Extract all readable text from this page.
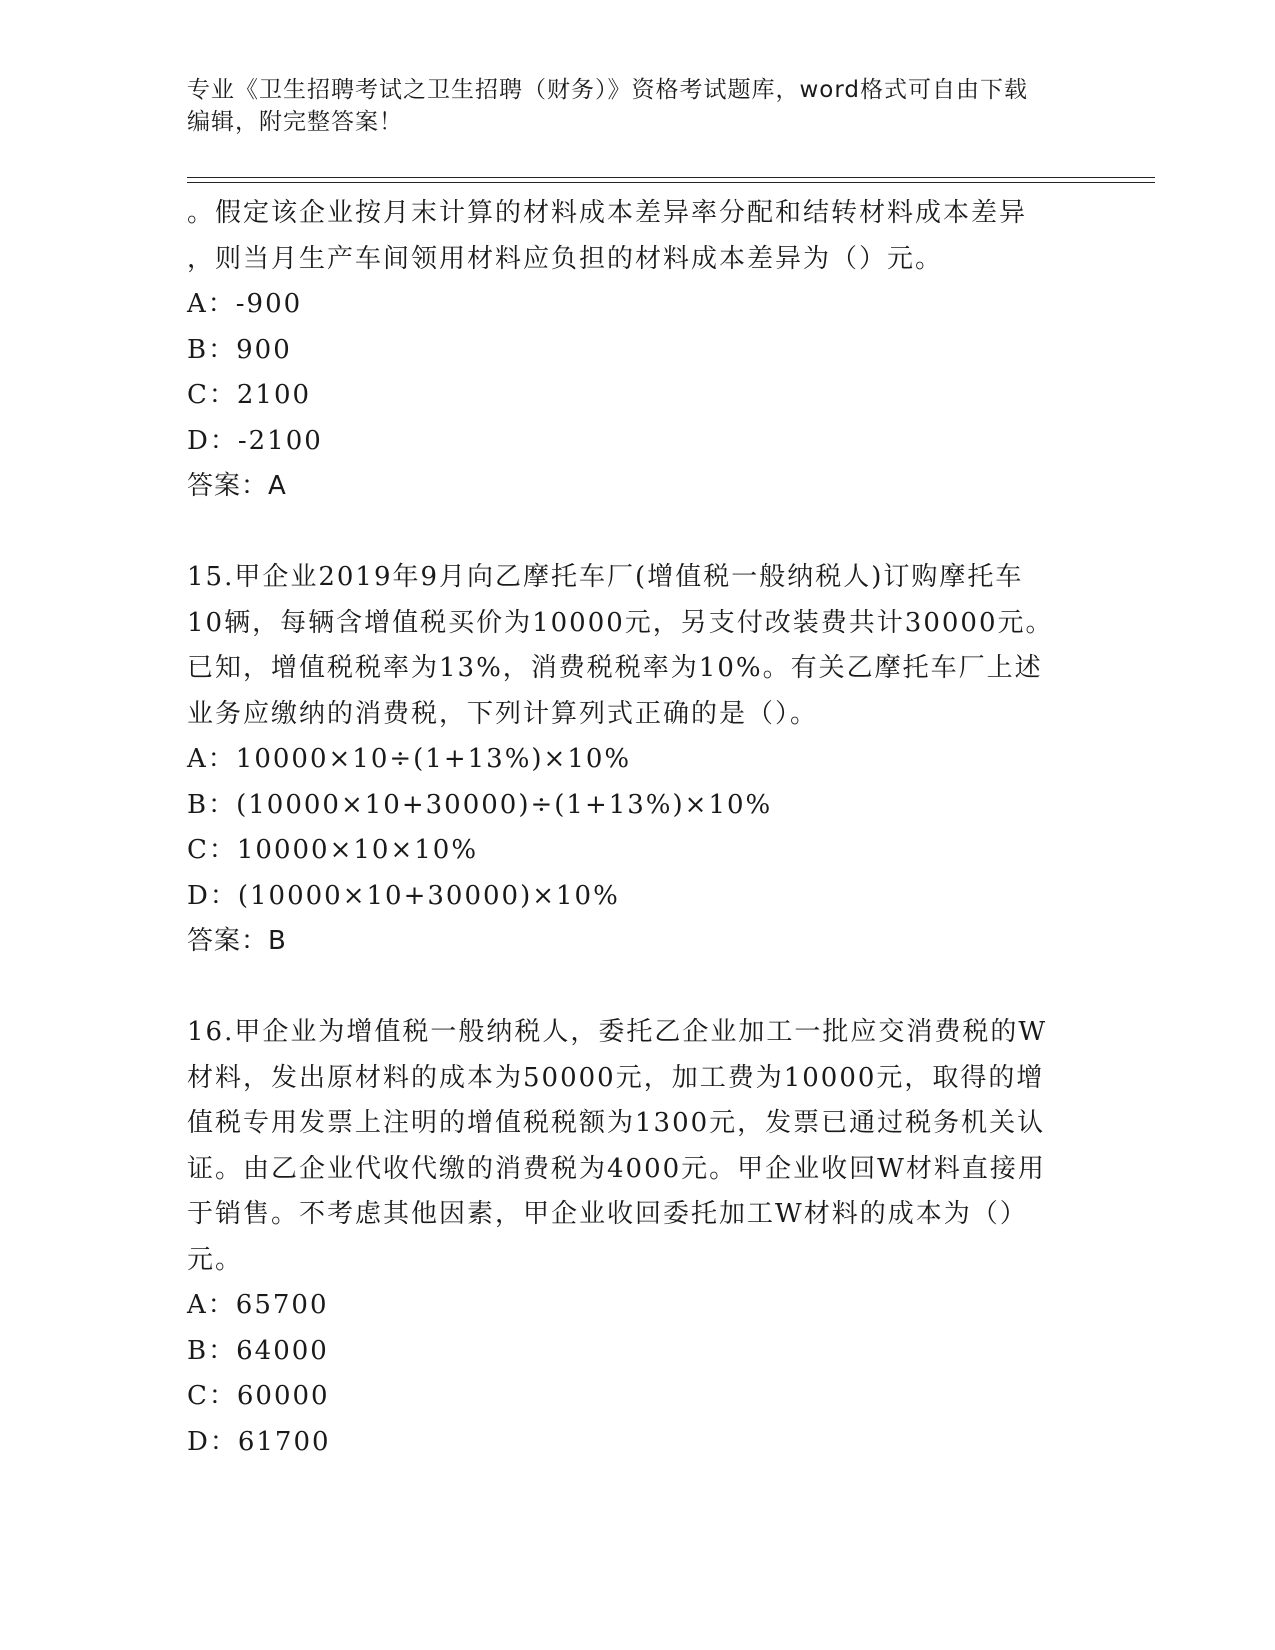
专业《卫生招聘考试之卫生招聘（财务）》资格考试题库，word格式可自由下载
编辑，附完整答案！
。假定该企业按月末计算的材料成本差异率分配和结转材料成本差异
，则当月生产车间领用材料应负担的材料成本差异为（）元。
A：-900
B：900
C：2100
D：-2100
答案：A
15.甲企业2019年9月向乙摩托车厂(增值税一般纳税人)订购摩托车
10辆，每辆含增值税买价为10000元，另支付改装费共计30000元。
已知，增值税税率为13%，消费税税率为10%。有关乙摩托车厂上述
业务应缴纳的消费税，下列计算列式正确的是（）。
A：10000×10÷(1+13%)×10%
B：(10000×10+30000)÷(1+13%)×10%
C：10000×10×10%
D：(10000×10+30000)×10%
答案：B
16.甲企业为增值税一般纳税人，委托乙企业加工一批应交消费税的W
材料，发出原材料的成本为50000元，加工费为10000元，取得的增
值税专用发票上注明的增值税税额为1300元，发票已通过税务机关认
证。由乙企业代收代缴的消费税为4000元。甲企业收回W材料直接用
于销售。不考虑其他因素，甲企业收回委托加工W材料的成本为（）
元。
A：65700
B：64000
C：60000
D：61700
